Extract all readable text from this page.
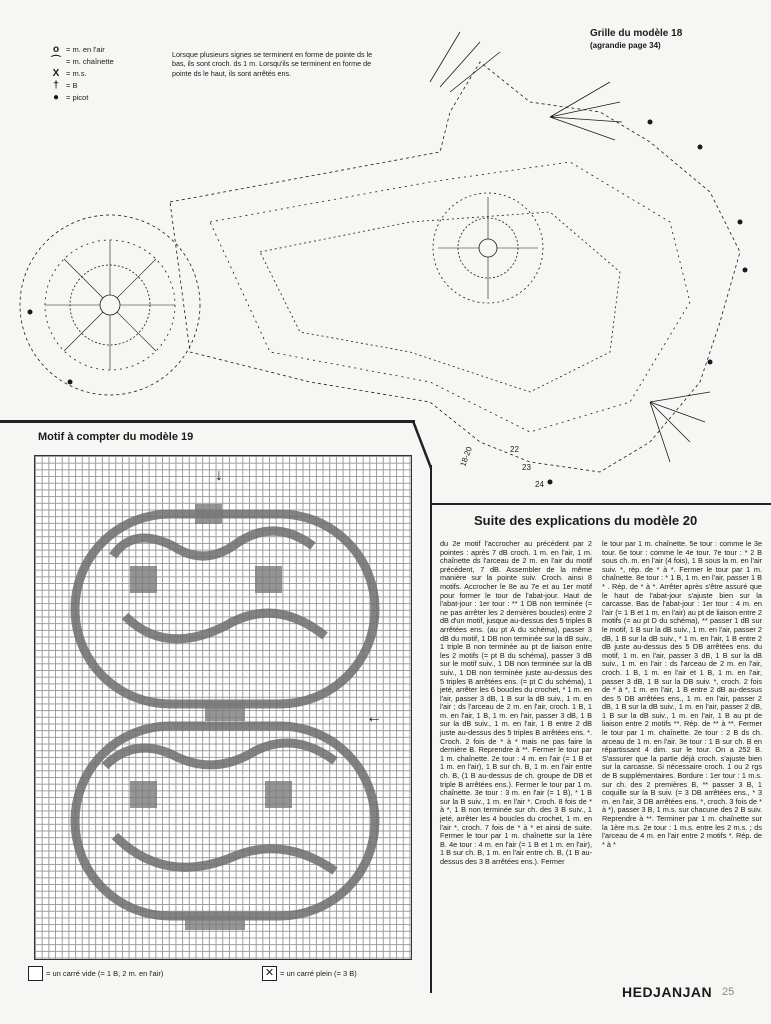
o = m. en l'air
⌒ = m. chaînette
X = m.s.
† = B
● = picot
Lorsque plusieurs signes se terminent en forme de pointe ds le bas, ils sont croch. ds 1 m. Lorsqu'ils se terminent en forme de pointe ds le haut, ils sont arrêtés ens.
Grille du modèle 18
(agrandie page 34)
18-20	22
23
24
Motif à compter du modèle 19
↓
←
= un carré vide (= 1 B, 2 m. en l'air)	✕ = un carré plein (= 3 B)
Suite des explications du modèle 20
du 2e motif l'accrocher au précédent par 2 pointes : après 7 dB croch. 1 m. en l'air, 1 m. chaînette ds l'arceau de 2 m. en l'air du motif précédent, 7 dB. Assembler de la même manière sur la pointe suiv. Croch. ainsi 8 motifs. Accrocher le 8e au 7e et au 1er motif pour former le tour de l'abat-jour. Haut de l'abat-jour : 1er tour : ** 1 DB non terminée (= ne pas arrêter les 2 dernières boucles) entre 2 dB d'un motif, jusque au-dessus des 5 triples B arrêtées ens. (au pt A du schéma), passer 3 dB du motif, 1 DB non terminée sur la dB suiv., 1 triple B non terminée au pt de liaison entre les 2 motifs (= pt B du schéma), passer 3 dB sur le motif suiv., 1 DB non terminée sur la dB suiv., 1 DB non terminée juste au-dessus des 5 triples B arrêtées ens. (= pt C du schéma), 1 jeté, arrêter les 6 boucles du crochet, * 1 m. en l'air, passer 3 dB, 1 B sur la dB suiv., 1 m. en l'air ; ds l'arceau de 2 m. en l'air, croch. 1 B, 1 m. en l'air, 1 B, 1 m. en l'air, passer 3 dB, 1 B sur la dB suiv., 1 m. en l'air, 1 B entre 2 dB juste au-dessus des 5 triples B arrêtées ens. *. Croch. 2 fois de * à * mais ne pas faire la dernière B. Reprendre à **. Fermer le tour par 1 m. chaînette. 2e tour : 4 m. en l'air (= 1 B et 1 m. en l'air), 1 B sur ch. B, 1 m. en l'air entre ch. B, (1 B au-dessus de ch. groupe de DB et triple B arrêtées ens.). Fermer le tour par 1 m. chaînette. 3e tour : 3 m. en l'air (= 1 B), * 1 B sur la B suiv., 1 m. en l'air *. Croch. 8 fois de * à *, 1 B non terminée sur ch. des 3 B suiv., 1 jeté, arrêter les 4 boucles du crochet, 1 m. en l'air *, croch. 7 fois de * à * et ainsi de suite. Fermer le tour par 1 m. chaînette sur la 1ère B. 4e tour : 4 m. en l'air (= 1 B et 1 m. en l'air), 1 B sur ch. B, 1 m. en l'air entre ch. B, (1 B au-dessus des 3 B arrêtées ens.). Fermer
le tour par 1 m. chaînette. 5e tour : comme le 3e tour. 6e tour : comme le 4e tour. 7e tour : * 2 B sous ch. m. en l'air (4 fois), 1 B sous la m. en l'air suiv. *, rép. de * à *. Fermer le tour par 1 m. chaînette. 8e tour : * 1 B, 1 m. en l'air, passer 1 B * . Rép. de * à *. Arrêter après s'être assuré que le haut de l'abat-jour s'ajuste bien sur la carcasse. Bas de l'abat-jour : 1er tour : 4 m. en l'air (= 1 B et 1 m. en l'air) au pt de liaison entre 2 motifs (= au pt D du schéma), ** passer 1 dB sur le motif, 1 B sur la dB suiv., 1 m. en l'air, passer 2 dB, 1 B sur la dB suiv., * 1 m. en l'air, 1 B entre 2 dB juste au-dessus des 5 DB arrêtées ens. du motif, 1 m. en l'air, passer 3 dB, 1 B sur la dB suiv., 1 m. en l'air : ds l'arceau de 2 m. en l'air, croch. 1 B, 1 m. en l'air et 1 B, 1 m. en l'air, passer 3 dB, 1 B sur la DB suiv. *, croch. 2 fois de * à *, 1 m. en l'air, 1 B entre 2 dB au-dessus des 5 DB arrêtées ens., 1 m. en l'air, passer 2 dB, 1 B sur la dB suiv., 1 m. en l'air, passer 2 dB, 1 B sur la dB suiv., 1 m. en l'air, 1 B au pt de liaison entre 2 motifs **. Rép. de ** à **. Fermer le tour par 1 m. chaînette. 2e tour : 2 B ds ch. arceau de 1 m. en l'air. 3e tour : 1 B sur ch. B en répartissant 4 dim. sur le tour. On a 252 B. S'assurer que la partie déjà croch. s'ajuste bien sur la carcasse. Si nécessaire croch. 1 ou 2 rgs de B supplémentaires. Bordure : 1er tour : 1 m.s. sur ch. des 2 premières B, ** passer 3 B, 1 coquille sur la B suiv. (= 3 DB arrêtées ens., * 3 m. en l'air, 3 DB arrêtées ens. *, croch. 3 fois de * à *), passer 3 B, 1 m.s. sur chacune des 2 B suiv. Reprendre à **. Terminer par 1 m. chaînette sur la 1ère m.s. 2e tour : 1 m.s. entre les 2 m.s. ; ds l'arceau de 4 m. en l'air entre 2 motifs *. Rép. de * à *
HEDJANJAN 25
